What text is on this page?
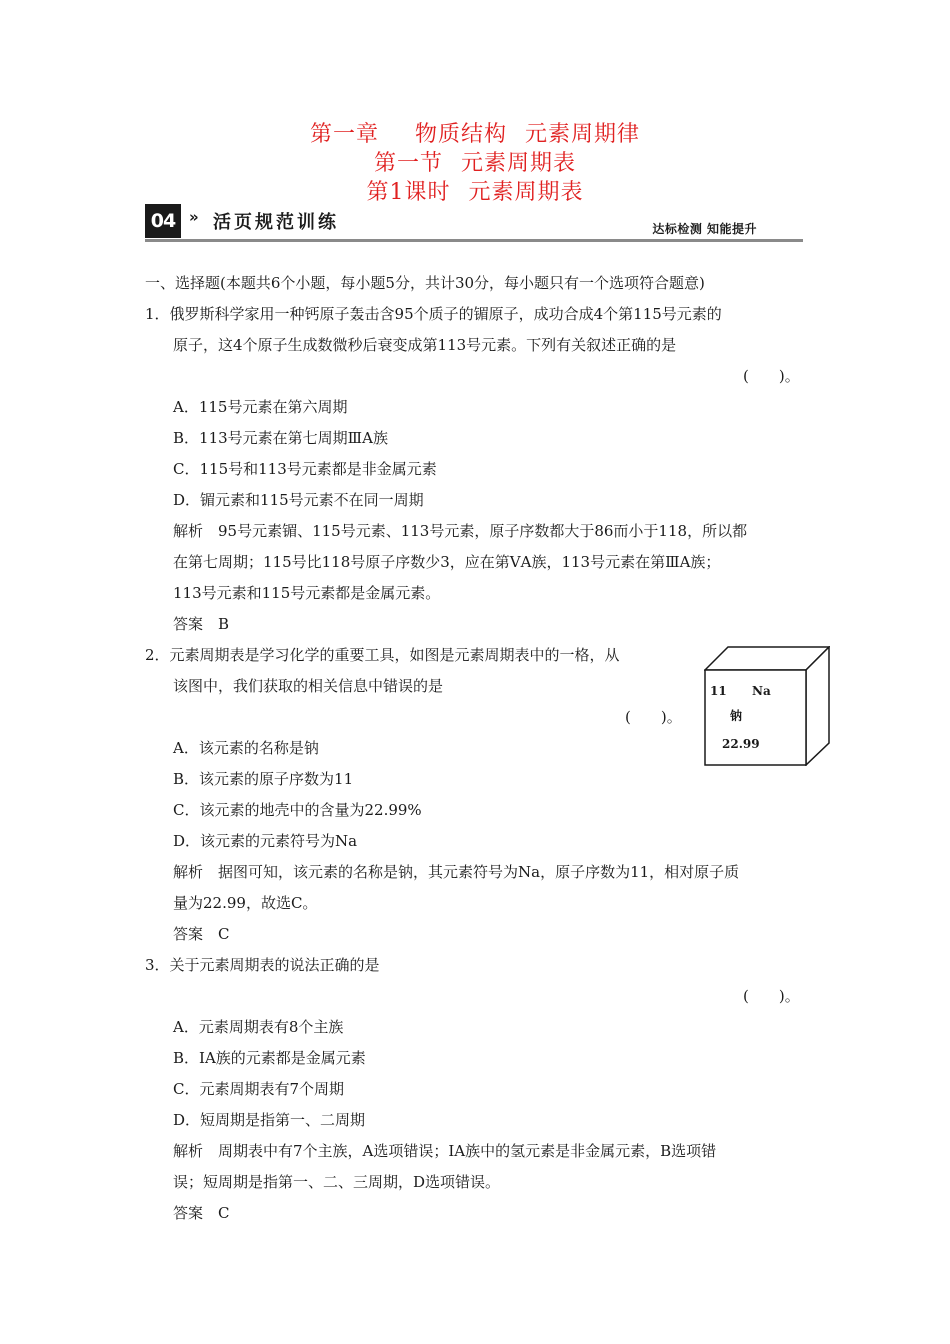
第一章 物质结构 元素周期律
第一节 元素周期表
第1课时 元素周期表
04 » 活页规范训练	达标检测 知能提升
一、选择题(本题共6个小题，每小题5分，共计30分，每小题只有一个选项符合题意)
1．俄罗斯科学家用一种钙原子轰击含95个质子的镅原子，成功合成4个第115号元素的
原子，这4个原子生成数微秒后衰变成第113号元素。下列有关叙述正确的是
(　　)。
A．115号元素在第六周期
B．113号元素在第七周期ⅢA族
C．115号和113号元素都是非金属元素
D．镅元素和115号元素不在同一周期
解析　95号元素镅、115号元素、113号元素，原子序数都大于86而小于118，所以都
在第七周期；115号比118号原子序数少3，应在第ⅤA族，113号元素在第ⅢA族；
113号元素和115号元素都是金属元素。
答案　B
2．元素周期表是学习化学的重要工具，如图是元素周期表中的一格，从
该图中，我们获取的相关信息中错误的是
(　　)。
A．该元素的名称是钠
B．该元素的原子序数为11
C．该元素的地壳中的含量为22.99%
D．该元素的元素符号为Na
解析　据图可知，该元素的名称是钠，其元素符号为Na，原子序数为11，相对原子质
量为22.99，故选C。
答案　C
3．关于元素周期表的说法正确的是
(　　)。
A．元素周期表有8个主族
B．ⅠA族的元素都是金属元素
C．元素周期表有7个周期
D．短周期是指第一、二周期
解析　周期表中有7个主族，A选项错误；ⅠA族中的氢元素是非金属元素，B选项错
误；短周期是指第一、二、三周期，D选项错误。
答案　C
11 Na
钠
22.99
